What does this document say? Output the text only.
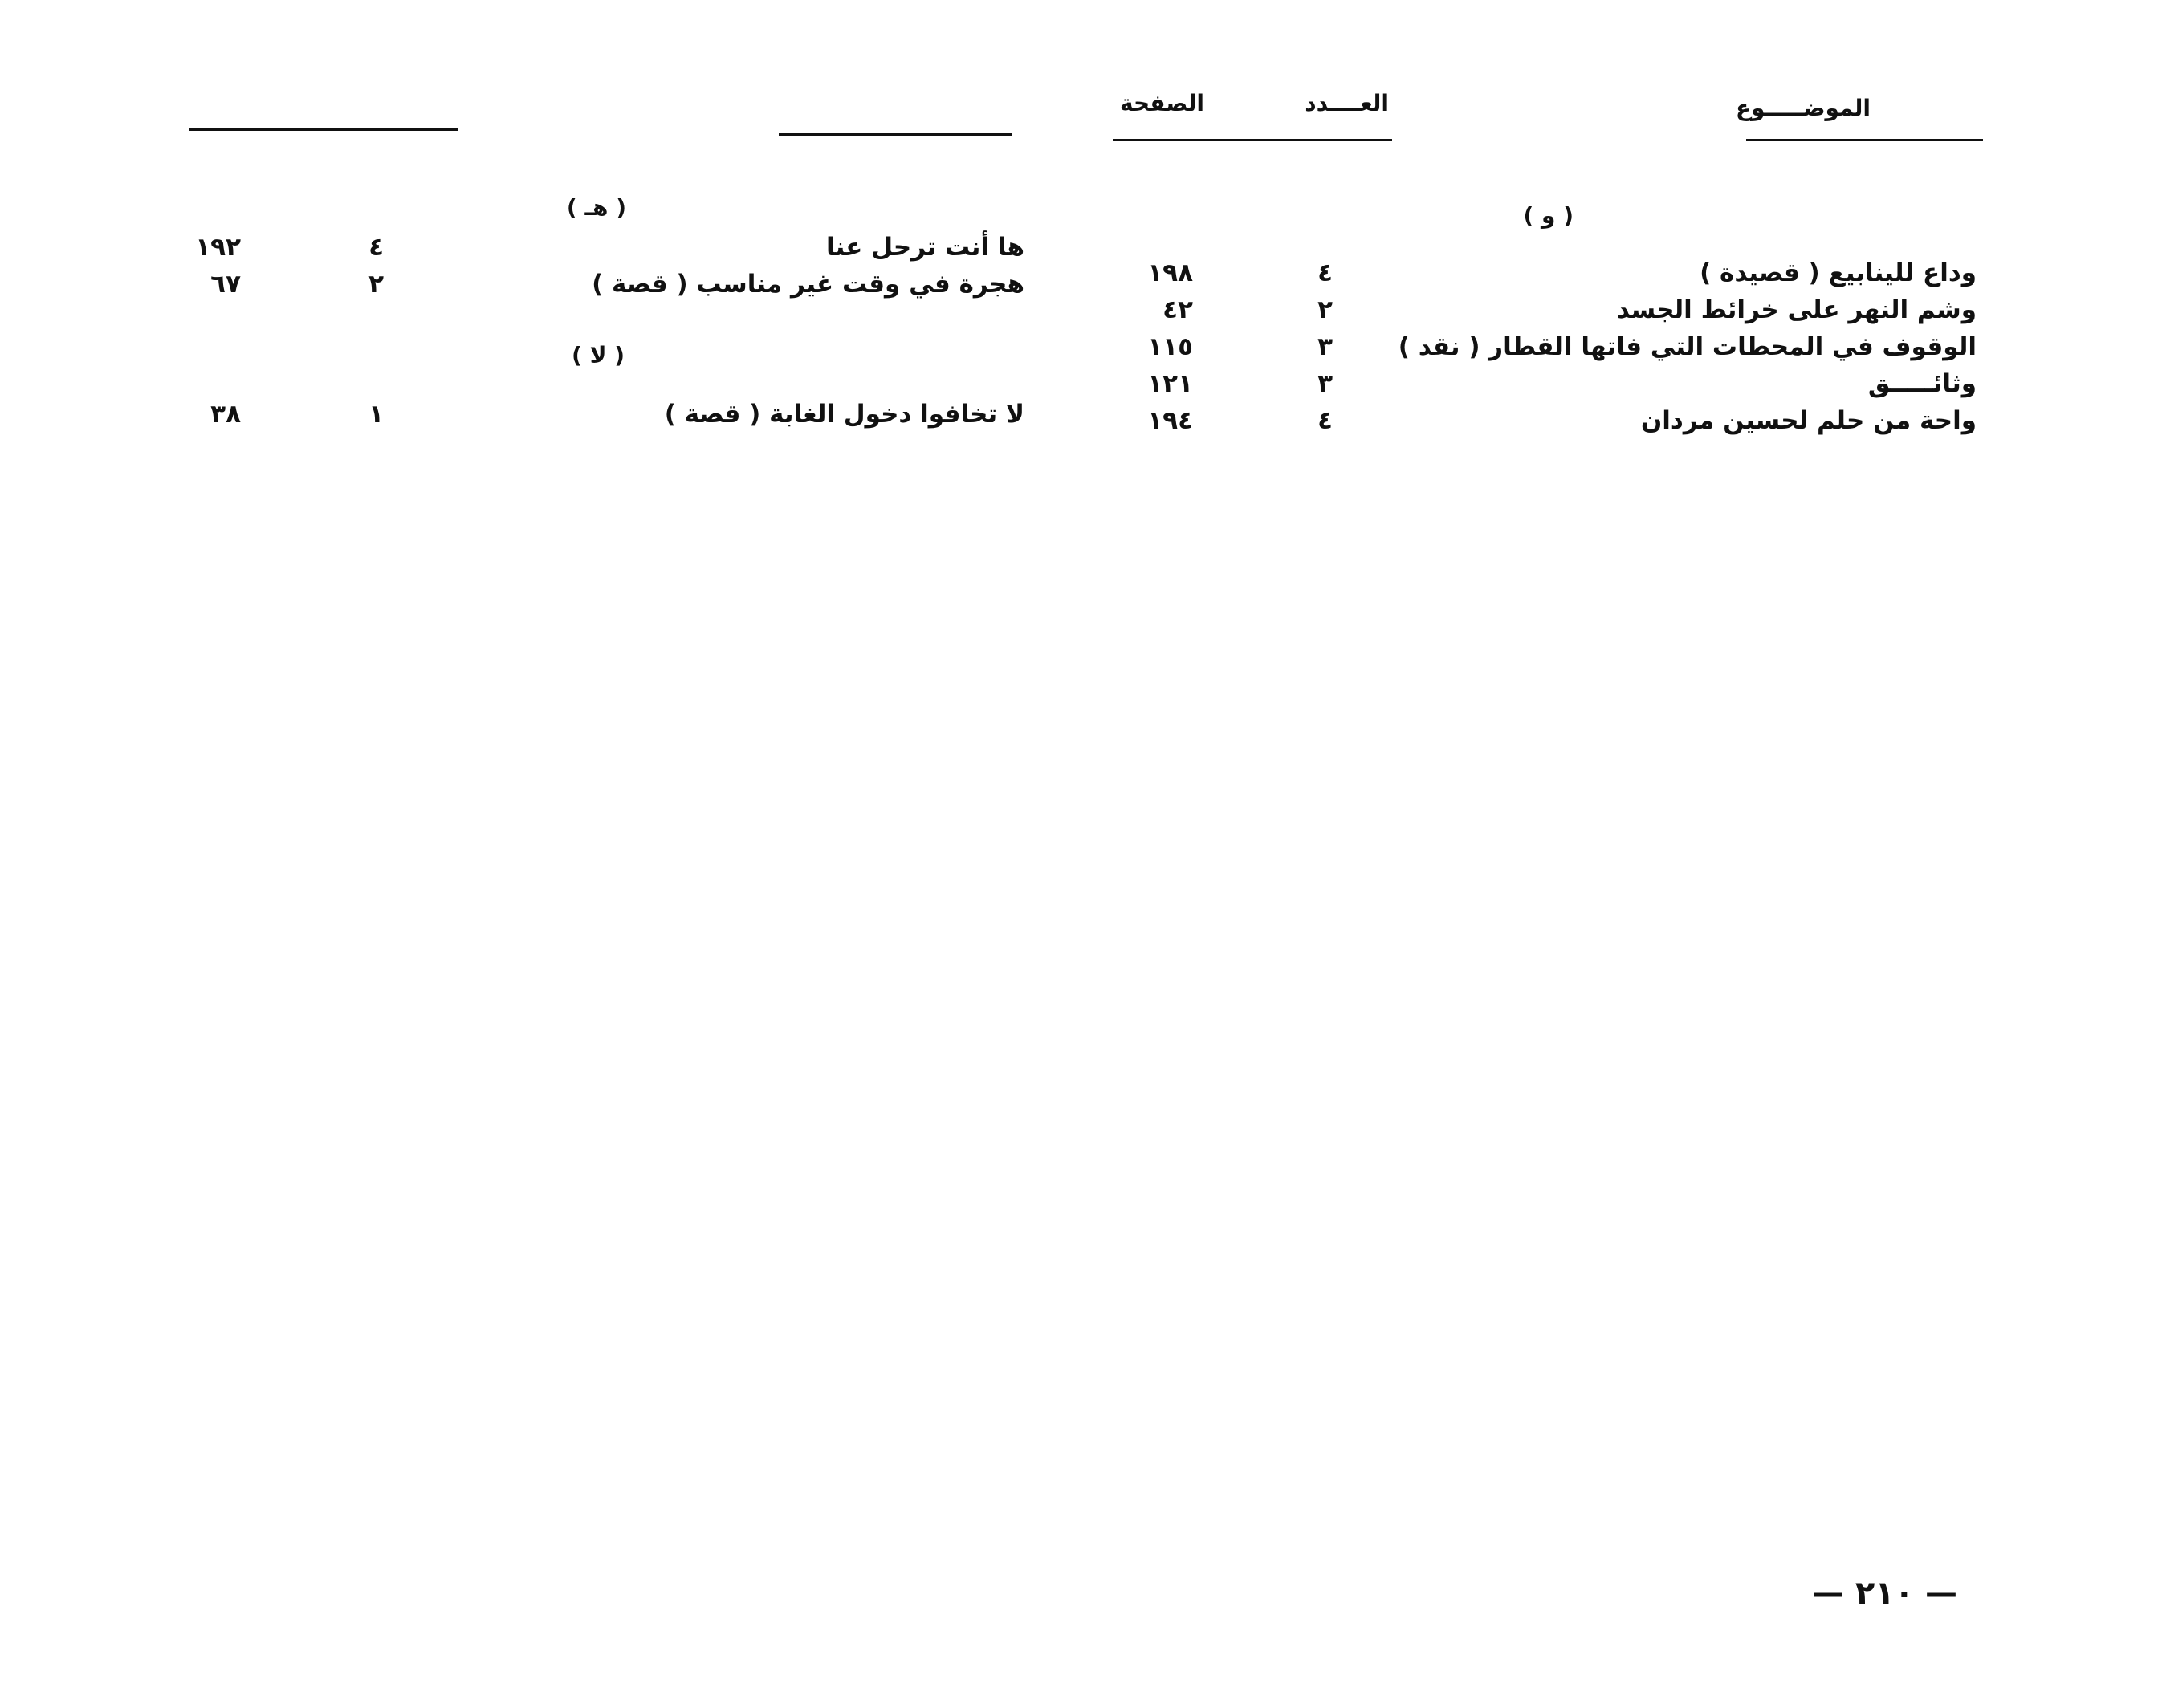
الموضـــــوع
العــــدد
الصفحة
( و )
وداع للينابيع ( قصيدة )
٤
١٩٨
وشم النهر على خرائط الجسد
٢
٤٢
الوقوف في المحطات التي فاتها القطار ( نقد )
٣
١١٥
وثائـــــق
٣
١٢١
واحة من حلم لحسين مردان
٤
١٩٤
( هـ )
ها أنت ترحل عنا
٤
١٩٢
هجرة في وقت غير مناسب ( قصة )
٢
٦٧
( لا )
لا تخافوا دخول الغابة ( قصة )
١
٣٨
— ٢١٠ —
